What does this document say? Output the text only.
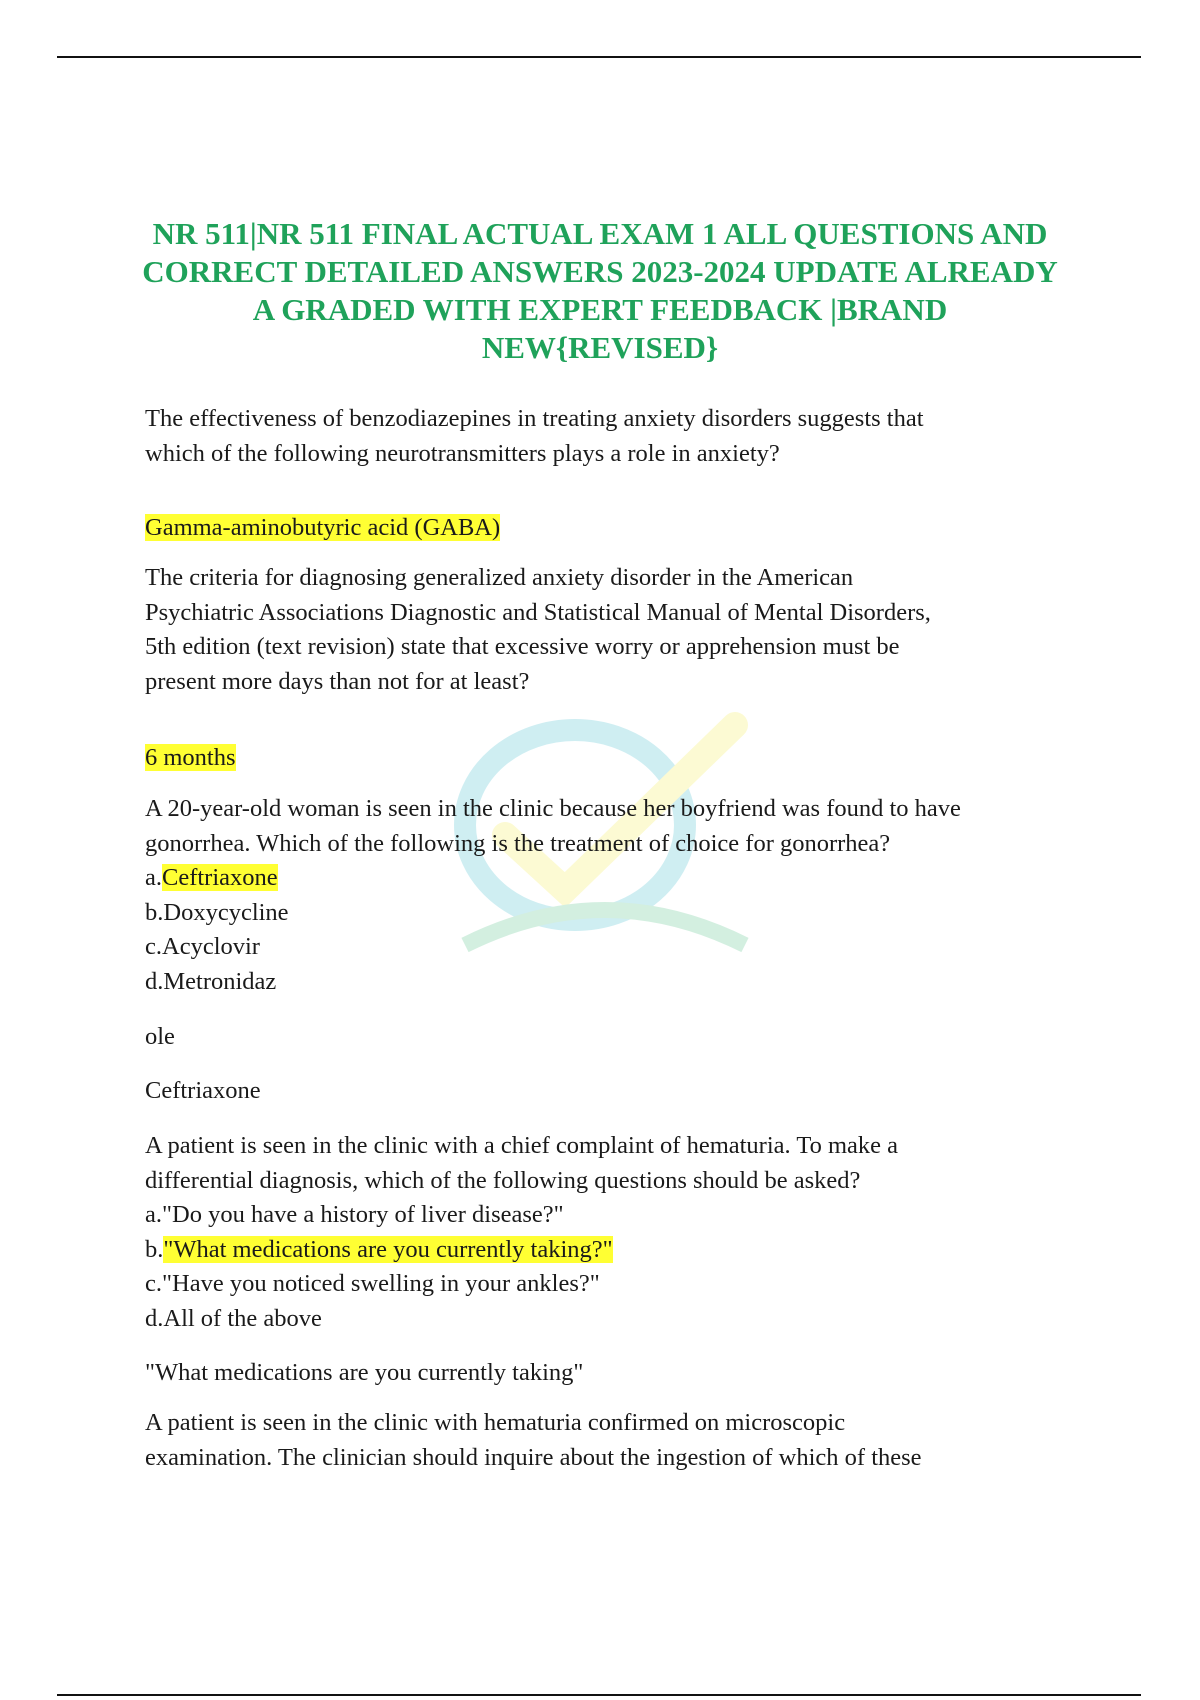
NR 511|NR 511 FINAL ACTUAL EXAM 1 ALL QUESTIONS AND
CORRECT DETAILED ANSWERS 2023-2024 UPDATE ALREADY
A GRADED WITH EXPERT FEEDBACK |BRAND
NEW{REVISED}
The effectiveness of benzodiazepines in treating anxiety disorders suggests that
which of the following neurotransmitters plays a role in anxiety?
Gamma-aminobutyric acid (GABA)
The criteria for diagnosing generalized anxiety disorder in the American
Psychiatric Associations Diagnostic and Statistical Manual of Mental Disorders,
5th edition (text revision) state that excessive worry or apprehension must be
present more days than not for at least?
6 months
A 20-year-old woman is seen in the clinic because her boyfriend was found to have
gonorrhea. Which of the following is the treatment of choice for gonorrhea?
a.Ceftriaxone
b.Doxycycline
c.Acyclovir
d.Metronidaz
ole
Ceftriaxone
A patient is seen in the clinic with a chief complaint of hematuria. To make a
differential diagnosis, which of the following questions should be asked?
a."Do you have a history of liver disease?"
b."What medications are you currently taking?"
c."Have you noticed swelling in your ankles?"
d.All of the above
"What medications are you currently taking"
A patient is seen in the clinic with hematuria confirmed on microscopic
examination. The clinician should inquire about the ingestion of which of these
